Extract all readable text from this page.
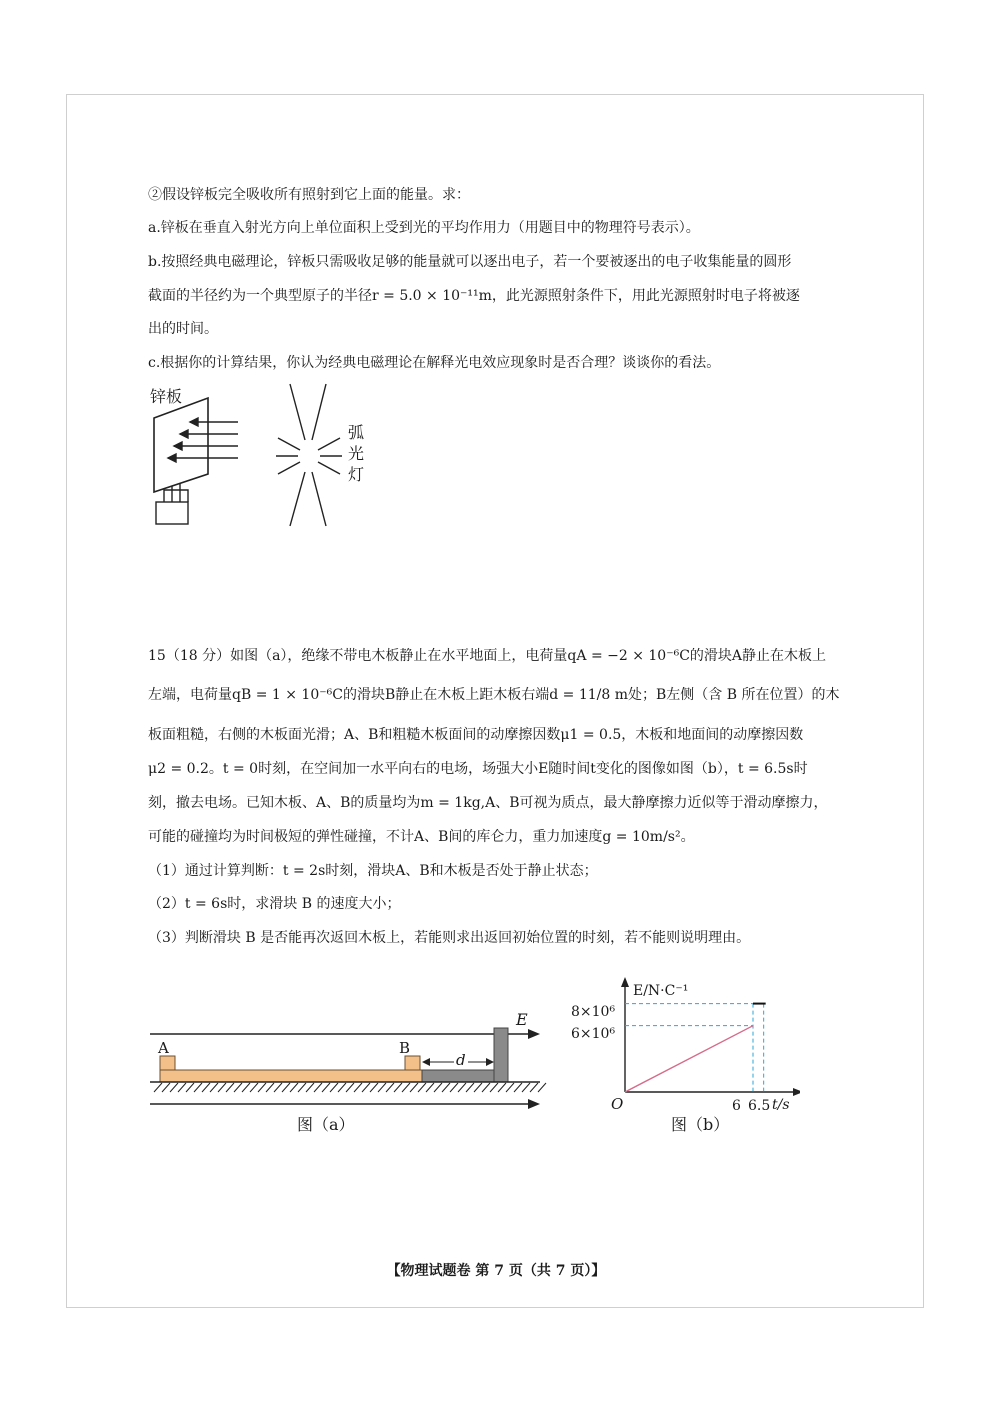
②假设锌板完全吸收所有照射到它上面的能量。求：
a.锌板在垂直入射光方向上单位面积上受到光的平均作用力（用题目中的物理符号表示）。
b.按照经典电磁理论，锌板只需吸收足够的能量就可以逐出电子，若一个要被逐出的电子收集能量的圆形
截面的半径约为一个典型原子的半径r = 5.0 × 10⁻¹¹m，此光源照射条件下，用此光源照射时电子将被逐
出的时间。
c.根据你的计算结果，你认为经典电磁理论在解释光电效应现象时是否合理？谈谈你的看法。
锌板
弧
光
灯
15（18 分）如图（a），绝缘不带电木板静止在水平地面上，电荷量qA = −2 × 10⁻⁶C的滑块A静止在木板上
左端，电荷量qB = 1 × 10⁻⁶C的滑块B静止在木板上距木板右端d = 11/8 m处；B左侧（含 B 所在位置）的木
板面粗糙，右侧的木板面光滑；A、B和粗糙木板面间的动摩擦因数μ1 = 0.5，木板和地面间的动摩擦因数
μ2 = 0.2。t = 0时刻，在空间加一水平向右的电场，场强大小E随时间t变化的图像如图（b），t = 6.5s时
刻，撤去电场。已知木板、A、B的质量均为m = 1kg,A、B可视为质点，最大静摩擦力近似等于滑动摩擦力，
可能的碰撞均为时间极短的弹性碰撞，不计A、B间的库仑力，重力加速度g = 10m/s²。
（1）通过计算判断：t = 2s时刻，滑块A、B和木板是否处于静止状态；
（2）t = 6s时，求滑块 B 的速度大小；
（3）判断滑块 B 是否能再次返回木板上，若能则求出返回初始位置的时刻，若不能则说明理由。
A	B
d
E
图（a）
E/N·C⁻¹
8×10⁶
6×10⁶
O	6 6.5 t/s
图（b）
【物理试题卷 第 7 页（共 7 页）】
